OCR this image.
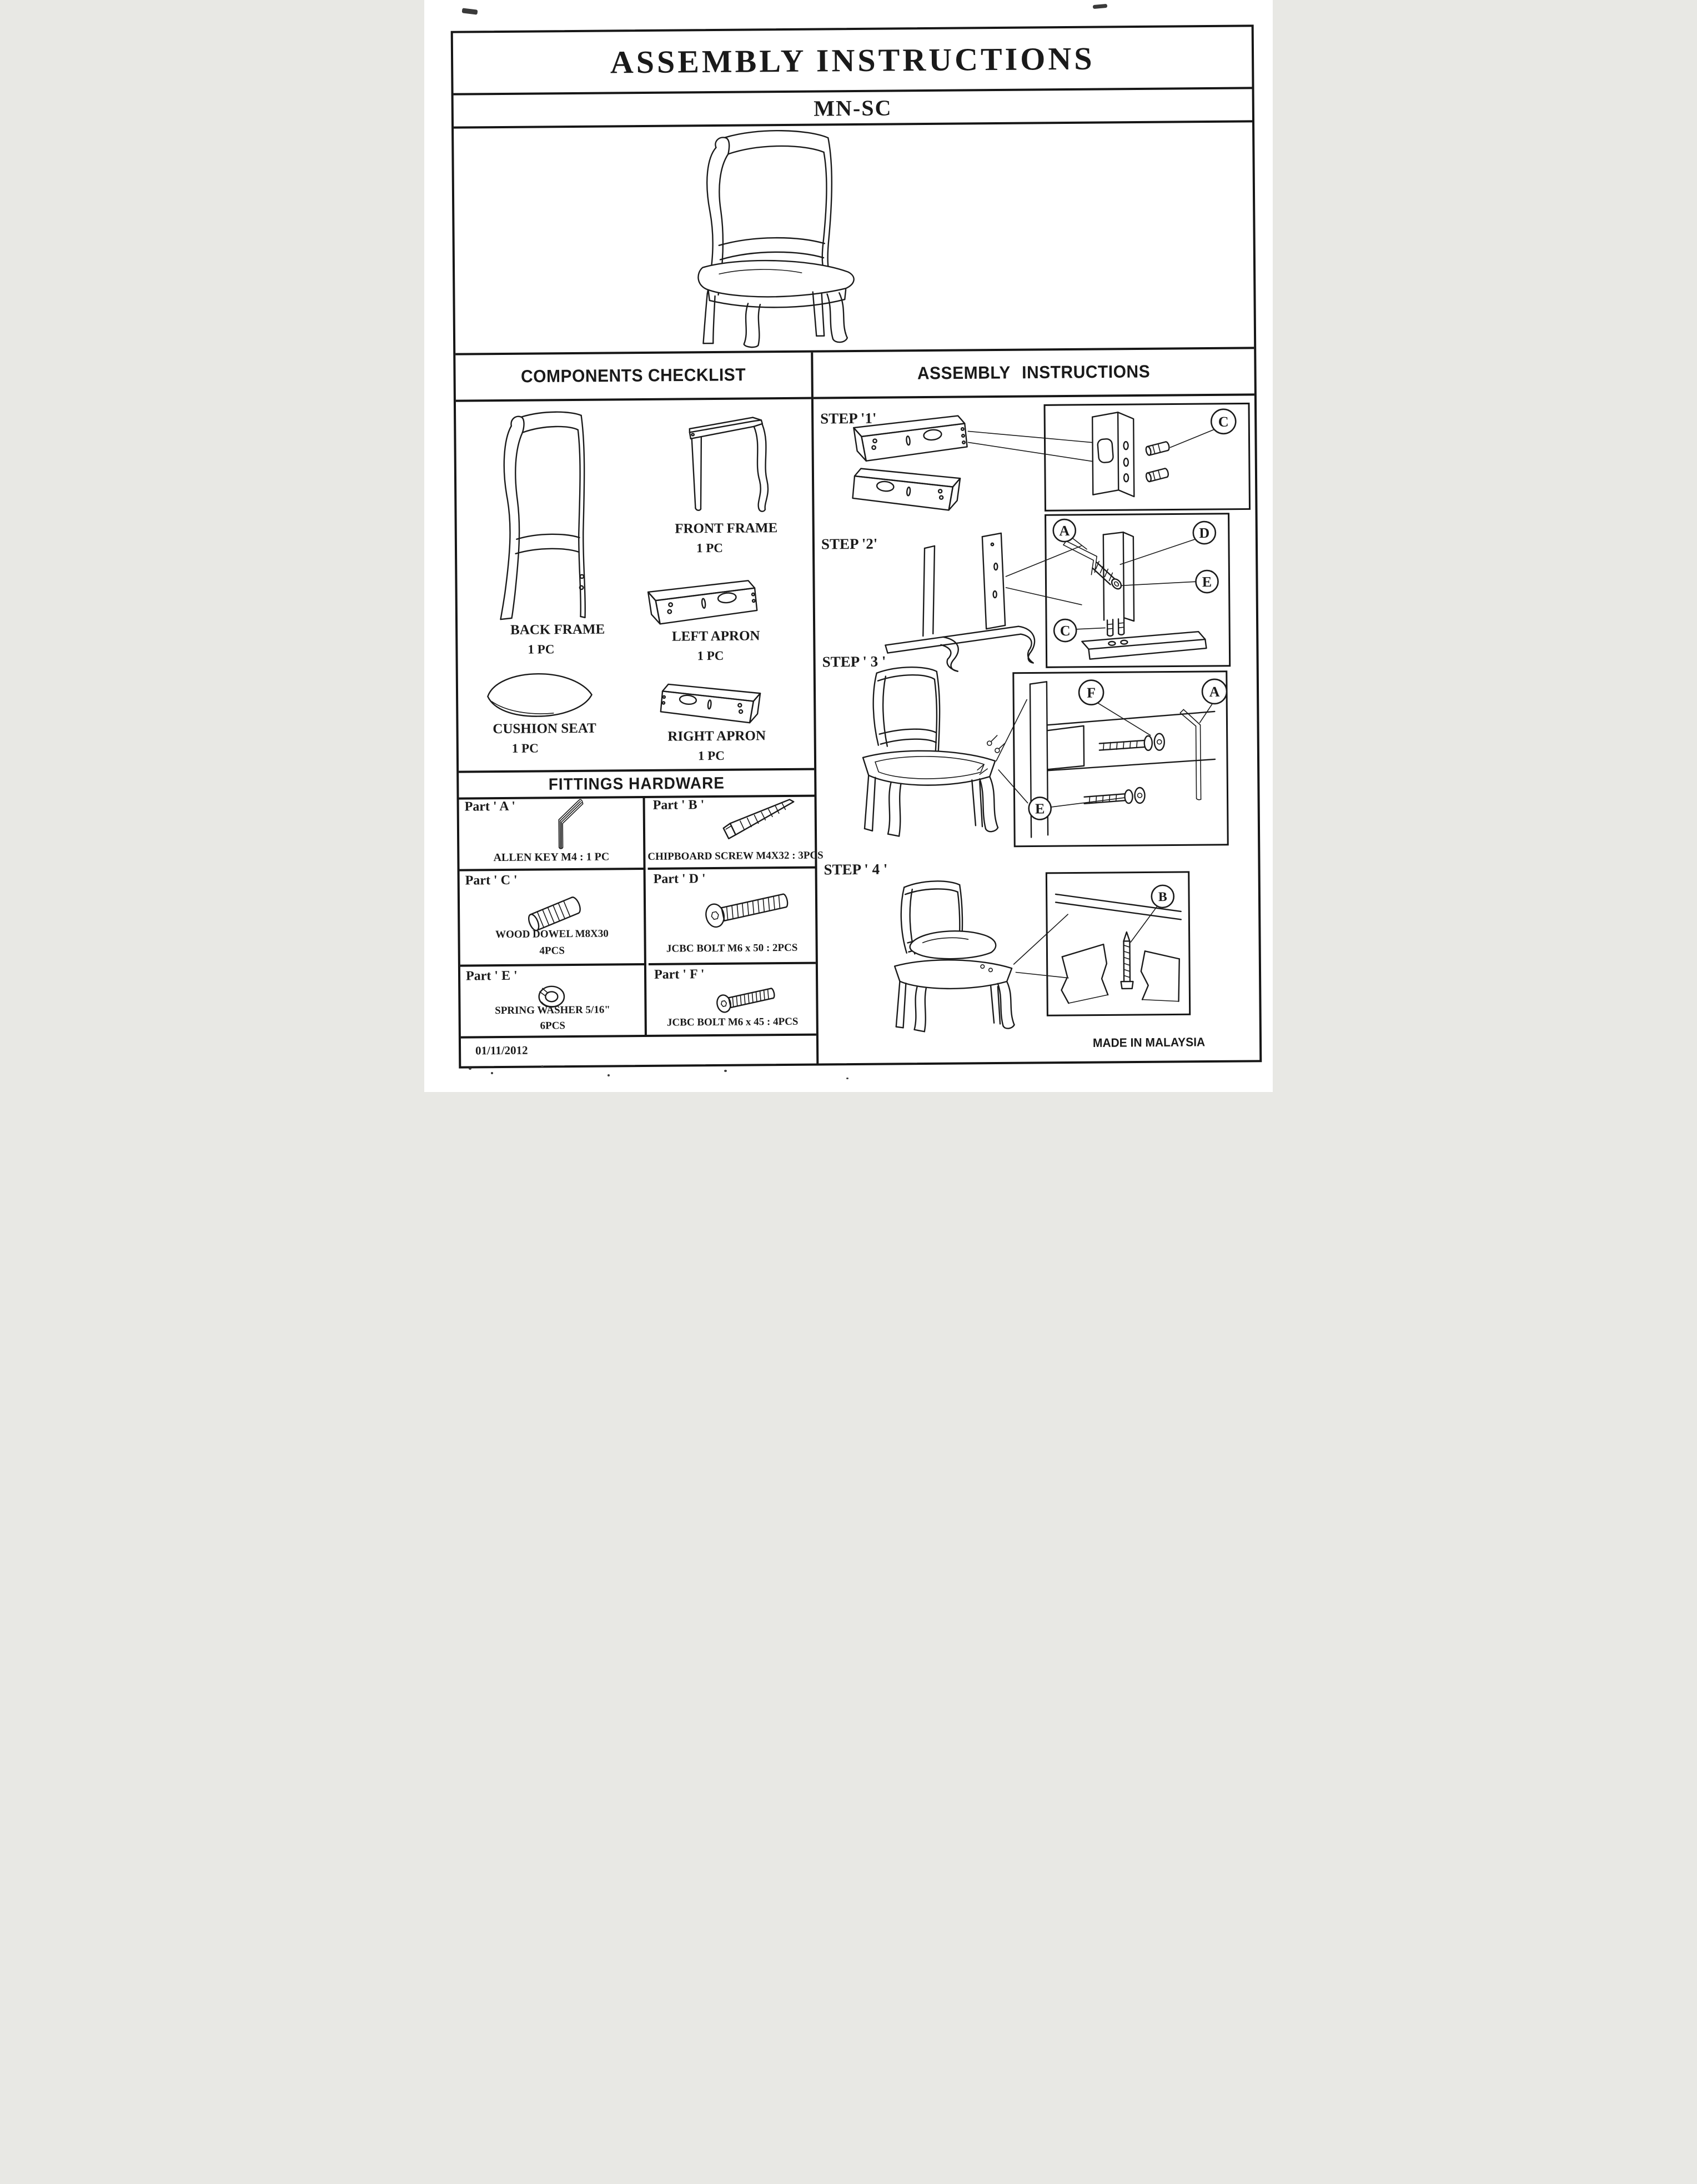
ASSEMBLY INSTRUCTIONS
MN-SC
COMPONENTS CHECKLIST
BACK FRAME
1 PC
FRONT FRAME
1 PC
LEFT APRON
1 PC
CUSHION SEAT
1 PC
RIGHT APRON
1 PC
FITTINGS HARDWARE
Part ' A '
ALLEN KEY M4 : 1 PC
Part ' B '
CHIPBOARD SCREW M4X32 : 3PCS
Part ' C '
WOOD DOWEL M8X30
4PCS
Part ' D '
JCBC BOLT M6 x 50 : 2PCS
Part ' E '
SPRING WASHER 5/16"
6PCS
Part ' F '
JCBC BOLT M6 x 45 : 4PCS
01/11/2012
ASSEMBLY INSTRUCTIONS
STEP '1'	C
STEP '2'
A	D
E
C
STEP ' 3 '
F	A
E
STEP ' 4 '
B
MADE IN MALAYSIA
